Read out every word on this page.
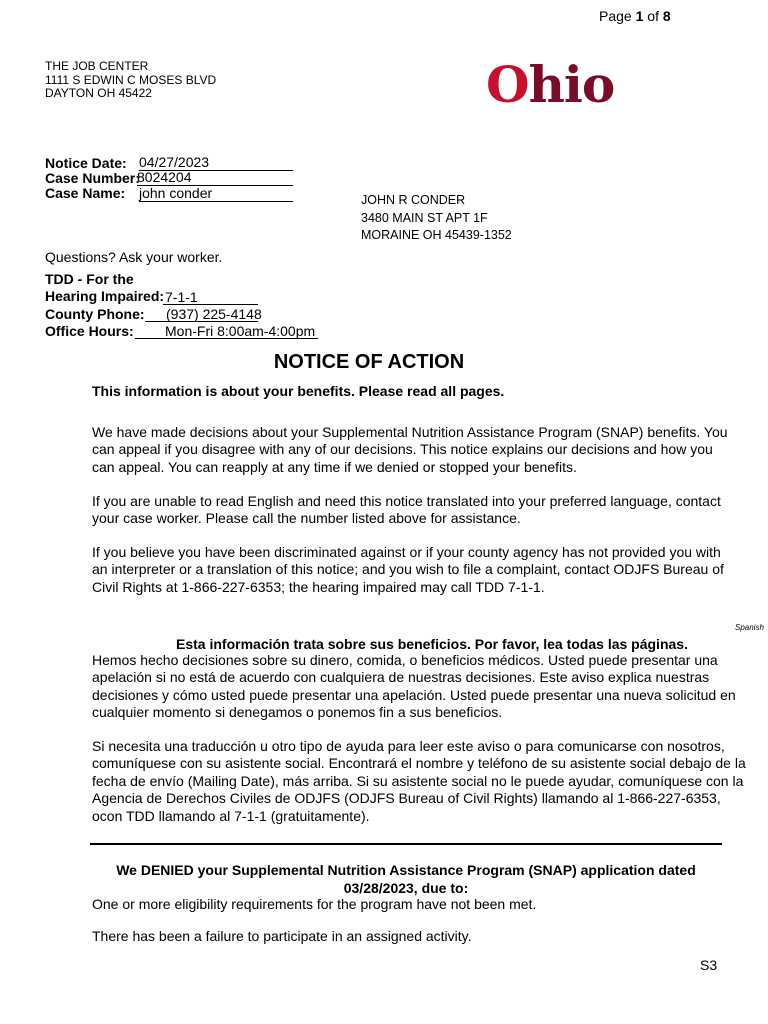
Page 1 of 8
THE JOB CENTER
1111 S EDWIN C MOSES BLVD
DAYTON OH 45422	Ohio
Notice Date: 04/27/2023
Case Number:
8024204
Case Name: john conder	JOHN R CONDER
3480 MAIN ST APT 1F
MORAINE OH 45439-1352
Questions? Ask your worker.
TDD - For the
Hearing Impaired: 7-1-1
County Phone: (937) 225-4148
Office Hours: Mon-Fri 8:00am-4:00pm
NOTICE OF ACTION
This information is about your benefits. Please read all pages.
We have made decisions about your Supplemental Nutrition Assistance Program (SNAP) benefits. You can appeal if you disagree with any of our decisions. This notice explains our decisions and how you can appeal. You can reapply at any time if we denied or stopped your benefits.
If you are unable to read English and need this notice translated into your preferred language, contact your case worker. Please call the number listed above for assistance.
If you believe you have been discriminated against or if your county agency has not provided you with an interpreter or a translation of this notice; and you wish to file a complaint, contact ODJFS Bureau of Civil Rights at 1-866-227-6353; the hearing impaired may call TDD 7-1-1.
Spanish
Esta información trata sobre sus beneficios. Por favor, lea todas las páginas.
Hemos hecho decisiones sobre su dinero, comida, o beneficios médicos. Usted puede presentar una apelación si no está de acuerdo con cualquiera de nuestras decisiones. Este aviso explica nuestras decisiones y cómo usted puede presentar una apelación. Usted puede presentar una nueva solicitud en cualquier momento si denegamos o ponemos fin a sus beneficios.
Si necesita una traducción u otro tipo de ayuda para leer este aviso o para comunicarse con nosotros, comuníquese con su asistente social. Encontrará el nombre y teléfono de su asistente social debajo de la fecha de envío (Mailing Date), más arriba. Si su asistente social no le puede ayudar, comuníquese con la Agencia de Derechos Civiles de ODJFS (ODJFS Bureau of Civil Rights) llamando al 1-866-227-6353, ocon TDD llamando al 7-1-1 (gratuitamente).
We DENIED your Supplemental Nutrition Assistance Program (SNAP) application dated
03/28/2023, due to:
One or more eligibility requirements for the program have not been met.
There has been a failure to participate in an assigned activity.
S3
